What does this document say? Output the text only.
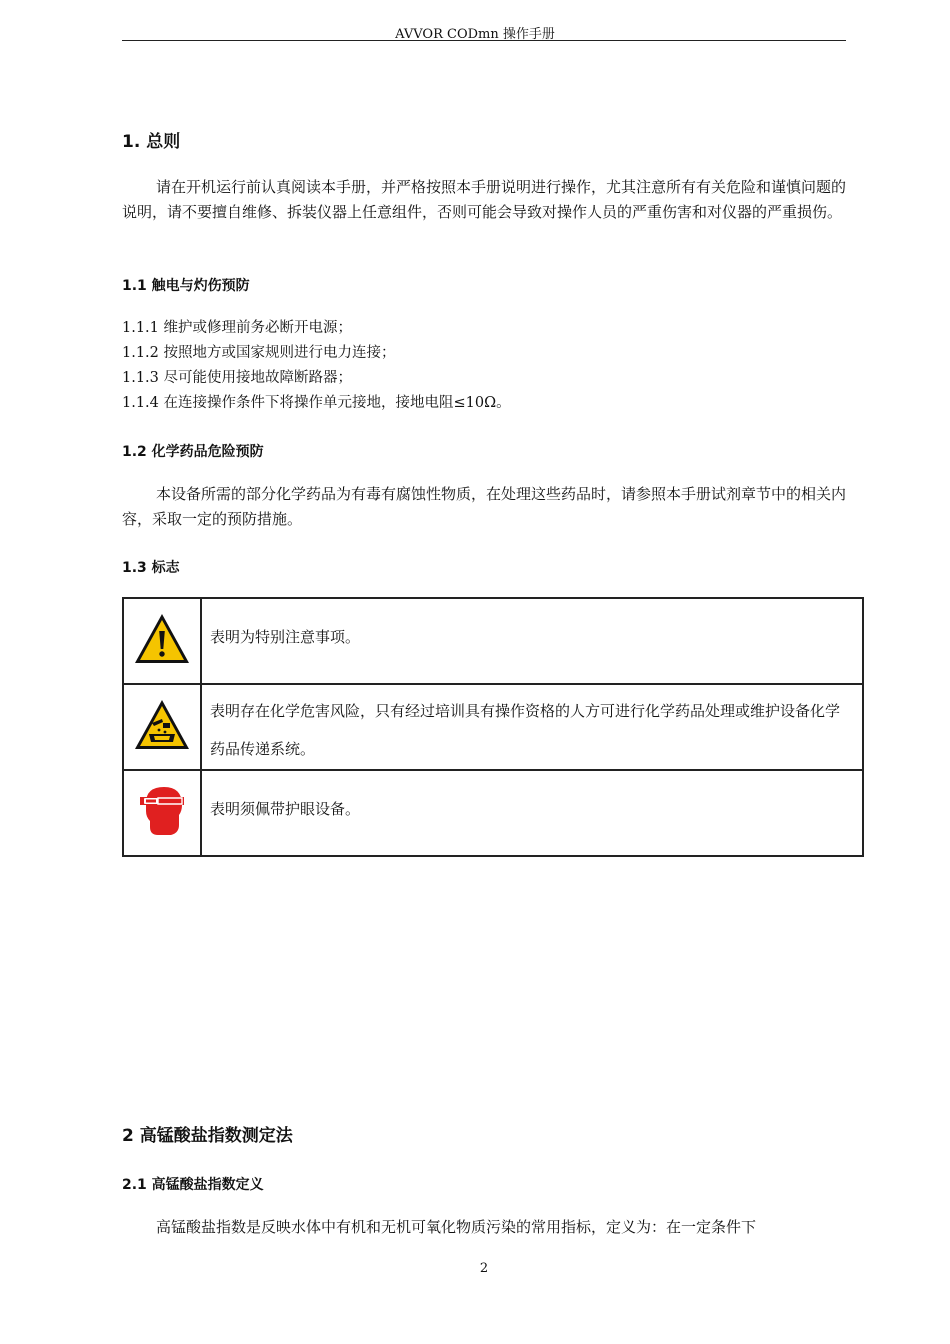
AVVOR CODmn 操作手册
1. 总则

请在开机运行前认真阅读本手册，并严格按照本手册说明进行操作，尤其注意所有有关危险和谨慎问题的说明，请不要擅自维修、拆装仪器上任意组件，否则可能会导致对操作人员的严重伤害和对仪器的严重损伤。

1.1 触电与灼伤预防
1.1.1 维护或修理前务必断开电源；
1.1.2 按照地方或国家规则进行电力连接；
1.1.3 尽可能使用接地故障断路器；
1.1.4 在连接操作条件下将操作单元接地，接地电阻≤10Ω。
1.2 化学药品危险预防

本设备所需的部分化学药品为有毒有腐蚀性物质，在处理这些药品时，请参照本手册试剂章节中的相关内容，采取一定的预防措施。

1.3 标志

表明为特别注意事项。

表明存在化学危害风险，只有经过培训具有操作资格的人方可进行化学药品处理或维护设备化学药品传递系统。

表明须佩带护眼设备。
2 高锰酸盐指数测定法
2.1 高锰酸盐指数定义

高锰酸盐指数是反映水体中有机和无机可氧化物质污染的常用指标，定义为：在一定条件下

2
